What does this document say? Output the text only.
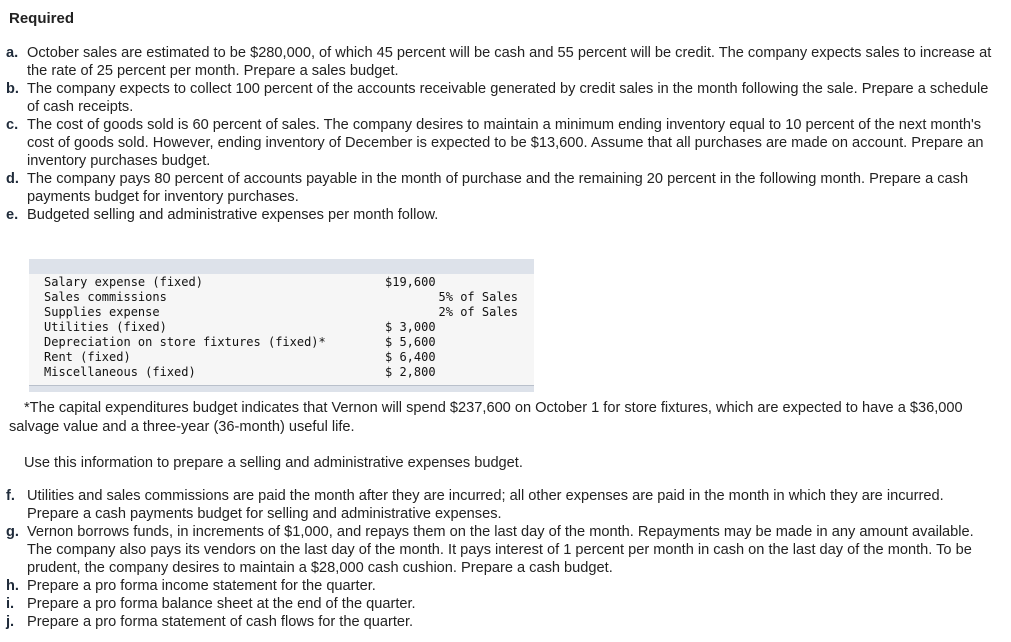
Required
a. October sales are estimated to be $280,000, of which 45 percent will be cash and 55 percent will be credit. The company expects sales to increase at the rate of 25 percent per month. Prepare a sales budget.
b. The company expects to collect 100 percent of the accounts receivable generated by credit sales in the month following the sale. Prepare a schedule of cash receipts.
c. The cost of goods sold is 60 percent of sales. The company desires to maintain a minimum ending inventory equal to 10 percent of the next month's cost of goods sold. However, ending inventory of December is expected to be $13,600. Assume that all purchases are made on account. Prepare an inventory purchases budget.
d. The company pays 80 percent of accounts payable in the month of purchase and the remaining 20 percent in the following month. Prepare a cash payments budget for inventory purchases.
e. Budgeted selling and administrative expenses per month follow.
Salary expense (fixed)	$19,600
Sales commissions	5% of Sales
Supplies expense	2% of Sales
Utilities (fixed)	$ 3,000
Depreciation on store fixtures (fixed)*	$ 5,600
Rent (fixed)	$ 6,400
Miscellaneous (fixed)	$ 2,800
*The capital expenditures budget indicates that Vernon will spend $237,600 on October 1 for store fixtures, which are expected to have a $36,000 salvage value and a three-year (36-month) useful life.
Use this information to prepare a selling and administrative expenses budget.
f. Utilities and sales commissions are paid the month after they are incurred; all other expenses are paid in the month in which they are incurred. Prepare a cash payments budget for selling and administrative expenses.
g. Vernon borrows funds, in increments of $1,000, and repays them on the last day of the month. Repayments may be made in any amount available. The company also pays its vendors on the last day of the month. It pays interest of 1 percent per month in cash on the last day of the month. To be prudent, the company desires to maintain a $28,000 cash cushion. Prepare a cash budget.
h. Prepare a pro forma income statement for the quarter.
i. Prepare a pro forma balance sheet at the end of the quarter.
j. Prepare a pro forma statement of cash flows for the quarter.
